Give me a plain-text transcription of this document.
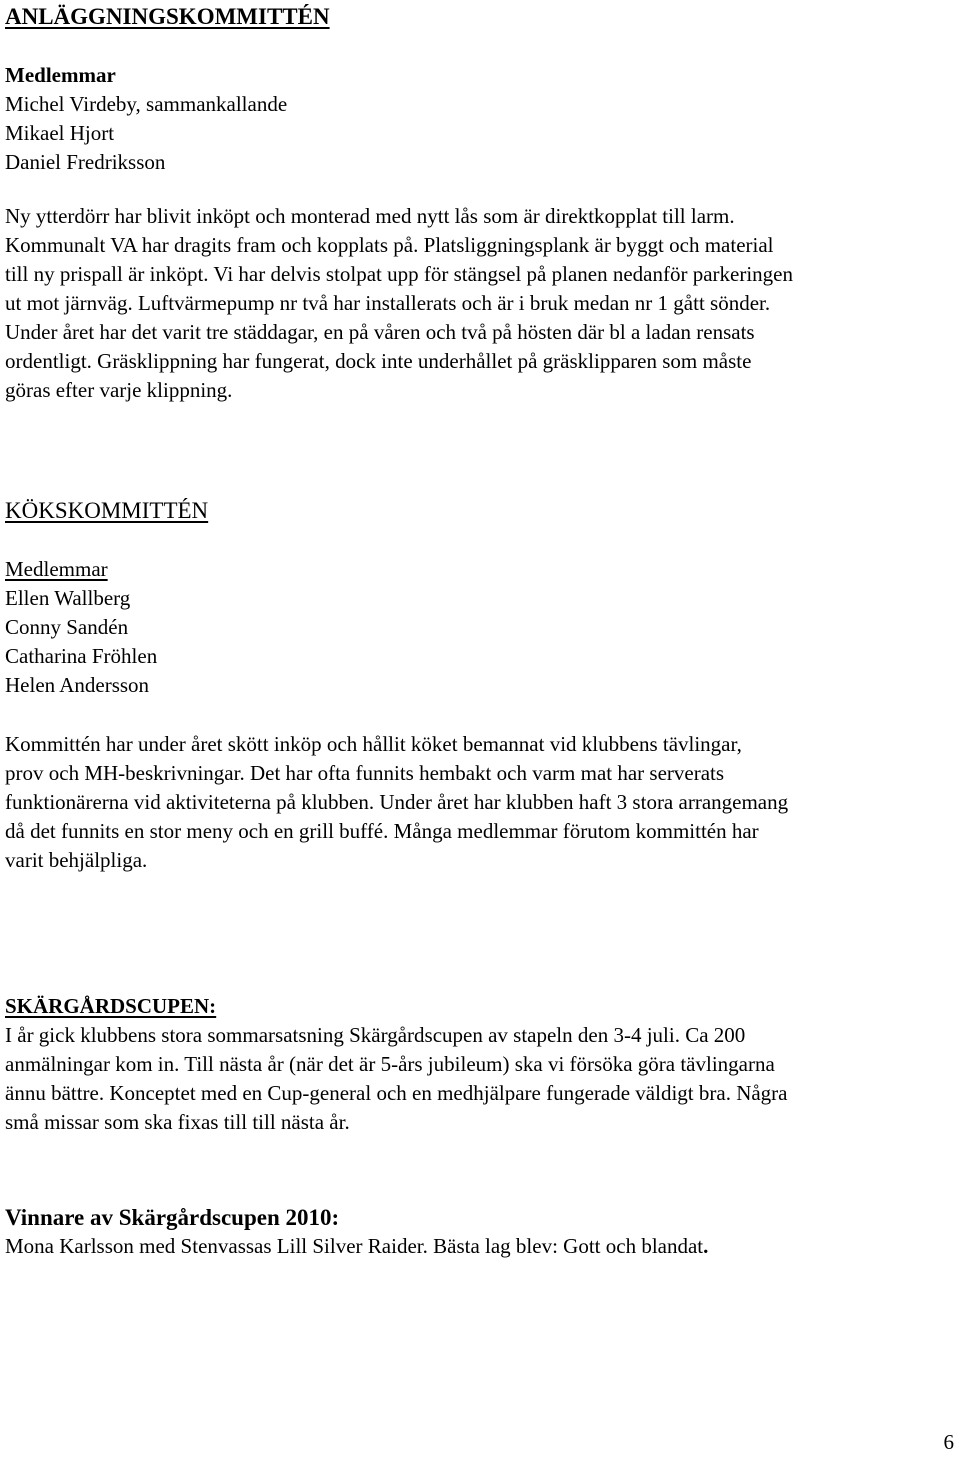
ANLÄGGNINGSKOMMITTÉN
Medlemmar
Michel Virdeby, sammankallande
Mikael Hjort
Daniel Fredriksson
Ny ytterdörr har blivit inköpt och monterad med nytt lås som är direktkopplat till larm.
Kommunalt VA har dragits fram och kopplats på. Platsliggningsplank är byggt och material
till ny prispall är inköpt. Vi har delvis stolpat upp för stängsel på planen nedanför parkeringen
ut mot järnväg. Luftvärmepump nr två har installerats och är i bruk medan nr 1 gått sönder.
Under året har det varit tre städdagar, en på våren och två på hösten där bl a ladan rensats
ordentligt. Gräsklippning har fungerat, dock inte underhållet på gräsklipparen som måste
göras efter varje klippning.
KÖKSKOMMITTÉN
Medlemmar
Ellen Wallberg
Conny Sandén
Catharina Fröhlen
Helen Andersson
Kommittén har under året skött inköp och hållit köket bemannat vid klubbens tävlingar,
prov och MH-beskrivningar. Det har ofta funnits hembakt och varm mat har serverats
funktionärerna vid aktiviteterna på klubben. Under året har klubben haft 3 stora arrangemang
då det funnits en stor meny och en grill buffé. Många medlemmar förutom kommittén har
varit behjälpliga.
SKÄRGÅRDSCUPEN:
I år gick klubbens stora sommarsatsning Skärgårdscupen av stapeln den 3-4 juli. Ca 200
anmälningar kom in. Till nästa år (när det är 5-års jubileum) ska vi försöka göra tävlingarna
ännu bättre. Konceptet med en Cup-general och en medhjälpare fungerade väldigt bra. Några
små missar som ska fixas till till nästa år.
Vinnare av Skärgårdscupen 2010:
Mona Karlsson med Stenvassas Lill Silver Raider. Bästa lag blev: Gott och blandat.
6
